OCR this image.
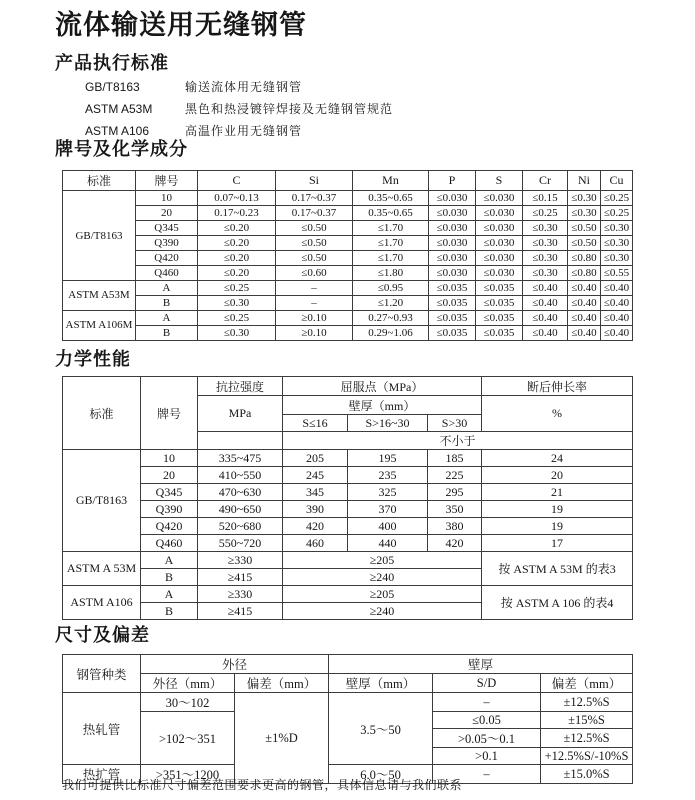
流体输送用无缝钢管
产品执行标准
GB/T8163	输送流体用无缝钢管
ASTM A53M	黑色和热浸镀锌焊接及无缝钢管规范
ASTM A106	高温作业用无缝钢管
牌号及化学成分
标准	牌号	C	Si	Mn	P	S	Cr	Ni	Cu
GB/T8163	10	0.07~0.13	0.17~0.37	0.35~0.65	≤0.030	≤0.030	≤0.15	≤0.30	≤0.25
	20	0.17~0.23	0.17~0.37	0.35~0.65	≤0.030	≤0.030	≤0.25	≤0.30	≤0.25
	Q345	≤0.20	≤0.50	≤1.70	≤0.030	≤0.030	≤0.30	≤0.50	≤0.30
	Q390	≤0.20	≤0.50	≤1.70	≤0.030	≤0.030	≤0.30	≤0.50	≤0.30
	Q420	≤0.20	≤0.50	≤1.70	≤0.030	≤0.030	≤0.30	≤0.80	≤0.30
	Q460	≤0.20	≤0.60	≤1.80	≤0.030	≤0.030	≤0.30	≤0.80	≤0.55
ASTM A53M	A	≤0.25	–	≤0.95	≤0.035	≤0.035	≤0.40	≤0.40	≤0.40
	B	≤0.30	–	≤1.20	≤0.035	≤0.035	≤0.40	≤0.40	≤0.40
ASTM A106M	A	≤0.25	≥0.10	0.27~0.93	≤0.035	≤0.035	≤0.40	≤0.40	≤0.40
	B	≤0.30	≥0.10	0.29~1.06	≤0.035	≤0.035	≤0.40	≤0.40	≤0.40
力学性能
标准	牌号	抗拉强度	屈服点（MPa）			断后伸长率
		MPa	壁厚（mm）			%
			S≤16	S>16~30	S>30	
			不小于			
GB/T8163	10	335~475	205	195	185	24
	20	410~550	245	235	225	20
	Q345	470~630	345	325	295	21
	Q390	490~650	390	370	350	19
	Q420	520~680	420	400	380	19
	Q460	550~720	460	440	420	17
ASTM A 53M	A	≥330	≥205			按 ASTM A 53M 的表3
	B	≥415	≥240			
ASTM A106	A	≥330	≥205			按 ASTM A 106 的表4
	B	≥415	≥240			
尺寸及偏差
钢管种类	外径		壁厚		
	外径（mm）	偏差（mm）	壁厚（mm）	S/D	偏差（mm）
热轧管	30～102	±1%D	3.5～50	–	±12.5%S
	>102～351			≤0.05	±15%S
				>0.05～0.1	±12.5%S
				>0.1	+12.5%S/-10%S
热扩管	>351～1200		6.0～50	–	±15.0%S
我们可提供比标准尺寸偏差范围要求更高的钢管，具体信息请与我们联系
